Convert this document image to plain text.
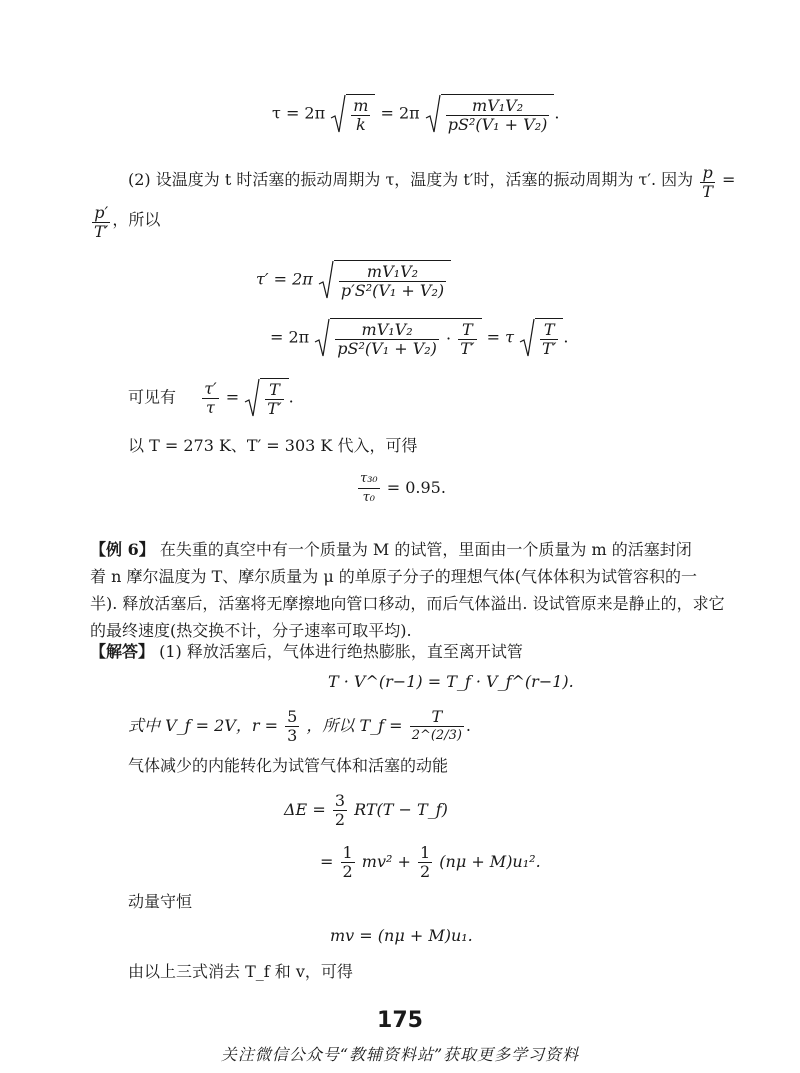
$\tau = 2\pi \frac{m}{k} = 2\pi \frac{\text{mV₁V₂}}{\text{pS²(V₁ + V₂)}}$ .
(2) 设温度为 t 时活塞的振动周期为 τ，温度为 t′时，活塞的振动周期为 τ′. 因为 $\frac{p}{T}$ =
$\frac{p'}{T'}$ ，所以
$\tau' = 2\pi \frac{\text{mV₁V₂}}{\text{p′S²(V₁ + V₂)}}$
= $2\pi \frac{\text{mV₁V₂}}{\text{pS²(V₁ + V₂)}} \cdot \frac{T}{T'} = \tau \frac{T}{T'}$ .
可见有 $\frac{\tau'}{\tau} = \frac{T}{T'}$ .
以 T = 273 K、T′ = 303 K 代入，可得
$\frac{\text{τ₃₀}}{\text{τ₀}} = 0.95$.
【例 6】 在失重的真空中有一个质量为 M 的试管，里面由一个质量为 m 的活塞封闭
着 n 摩尔温度为 T、摩尔质量为 μ 的单原子分子的理想气体(气体体积为试管容积的一
半). 释放活塞后，活塞将无摩擦地向管口移动，而后气体溢出. 设试管原来是静止的，求它
的最终速度(热交换不计，分子速率可取平均).
【解答】 (1) 释放活塞后，气体进行绝热膨胀，直至离开试管
T · V^(r−1) = T_f · V_f^(r−1).
式中 V_f = 2V，$r = \frac{5}{3}$ ，所以 T_f = $\frac{T}{2\^{}(2/3)}$ .
气体减少的内能转化为试管气体和活塞的动能
$\Delta E = \frac{3}{2} RT(T$ − T_f)
= $\frac{1}{2} mv^2 + \frac{1}{2} (n\mu + M)u_1^2$.
动量守恒
mv = (nμ + M)u₁.
由以上三式消去 T_f 和 v，可得
175
关注微信公众号“教辅资料站”获取更多学习资料
